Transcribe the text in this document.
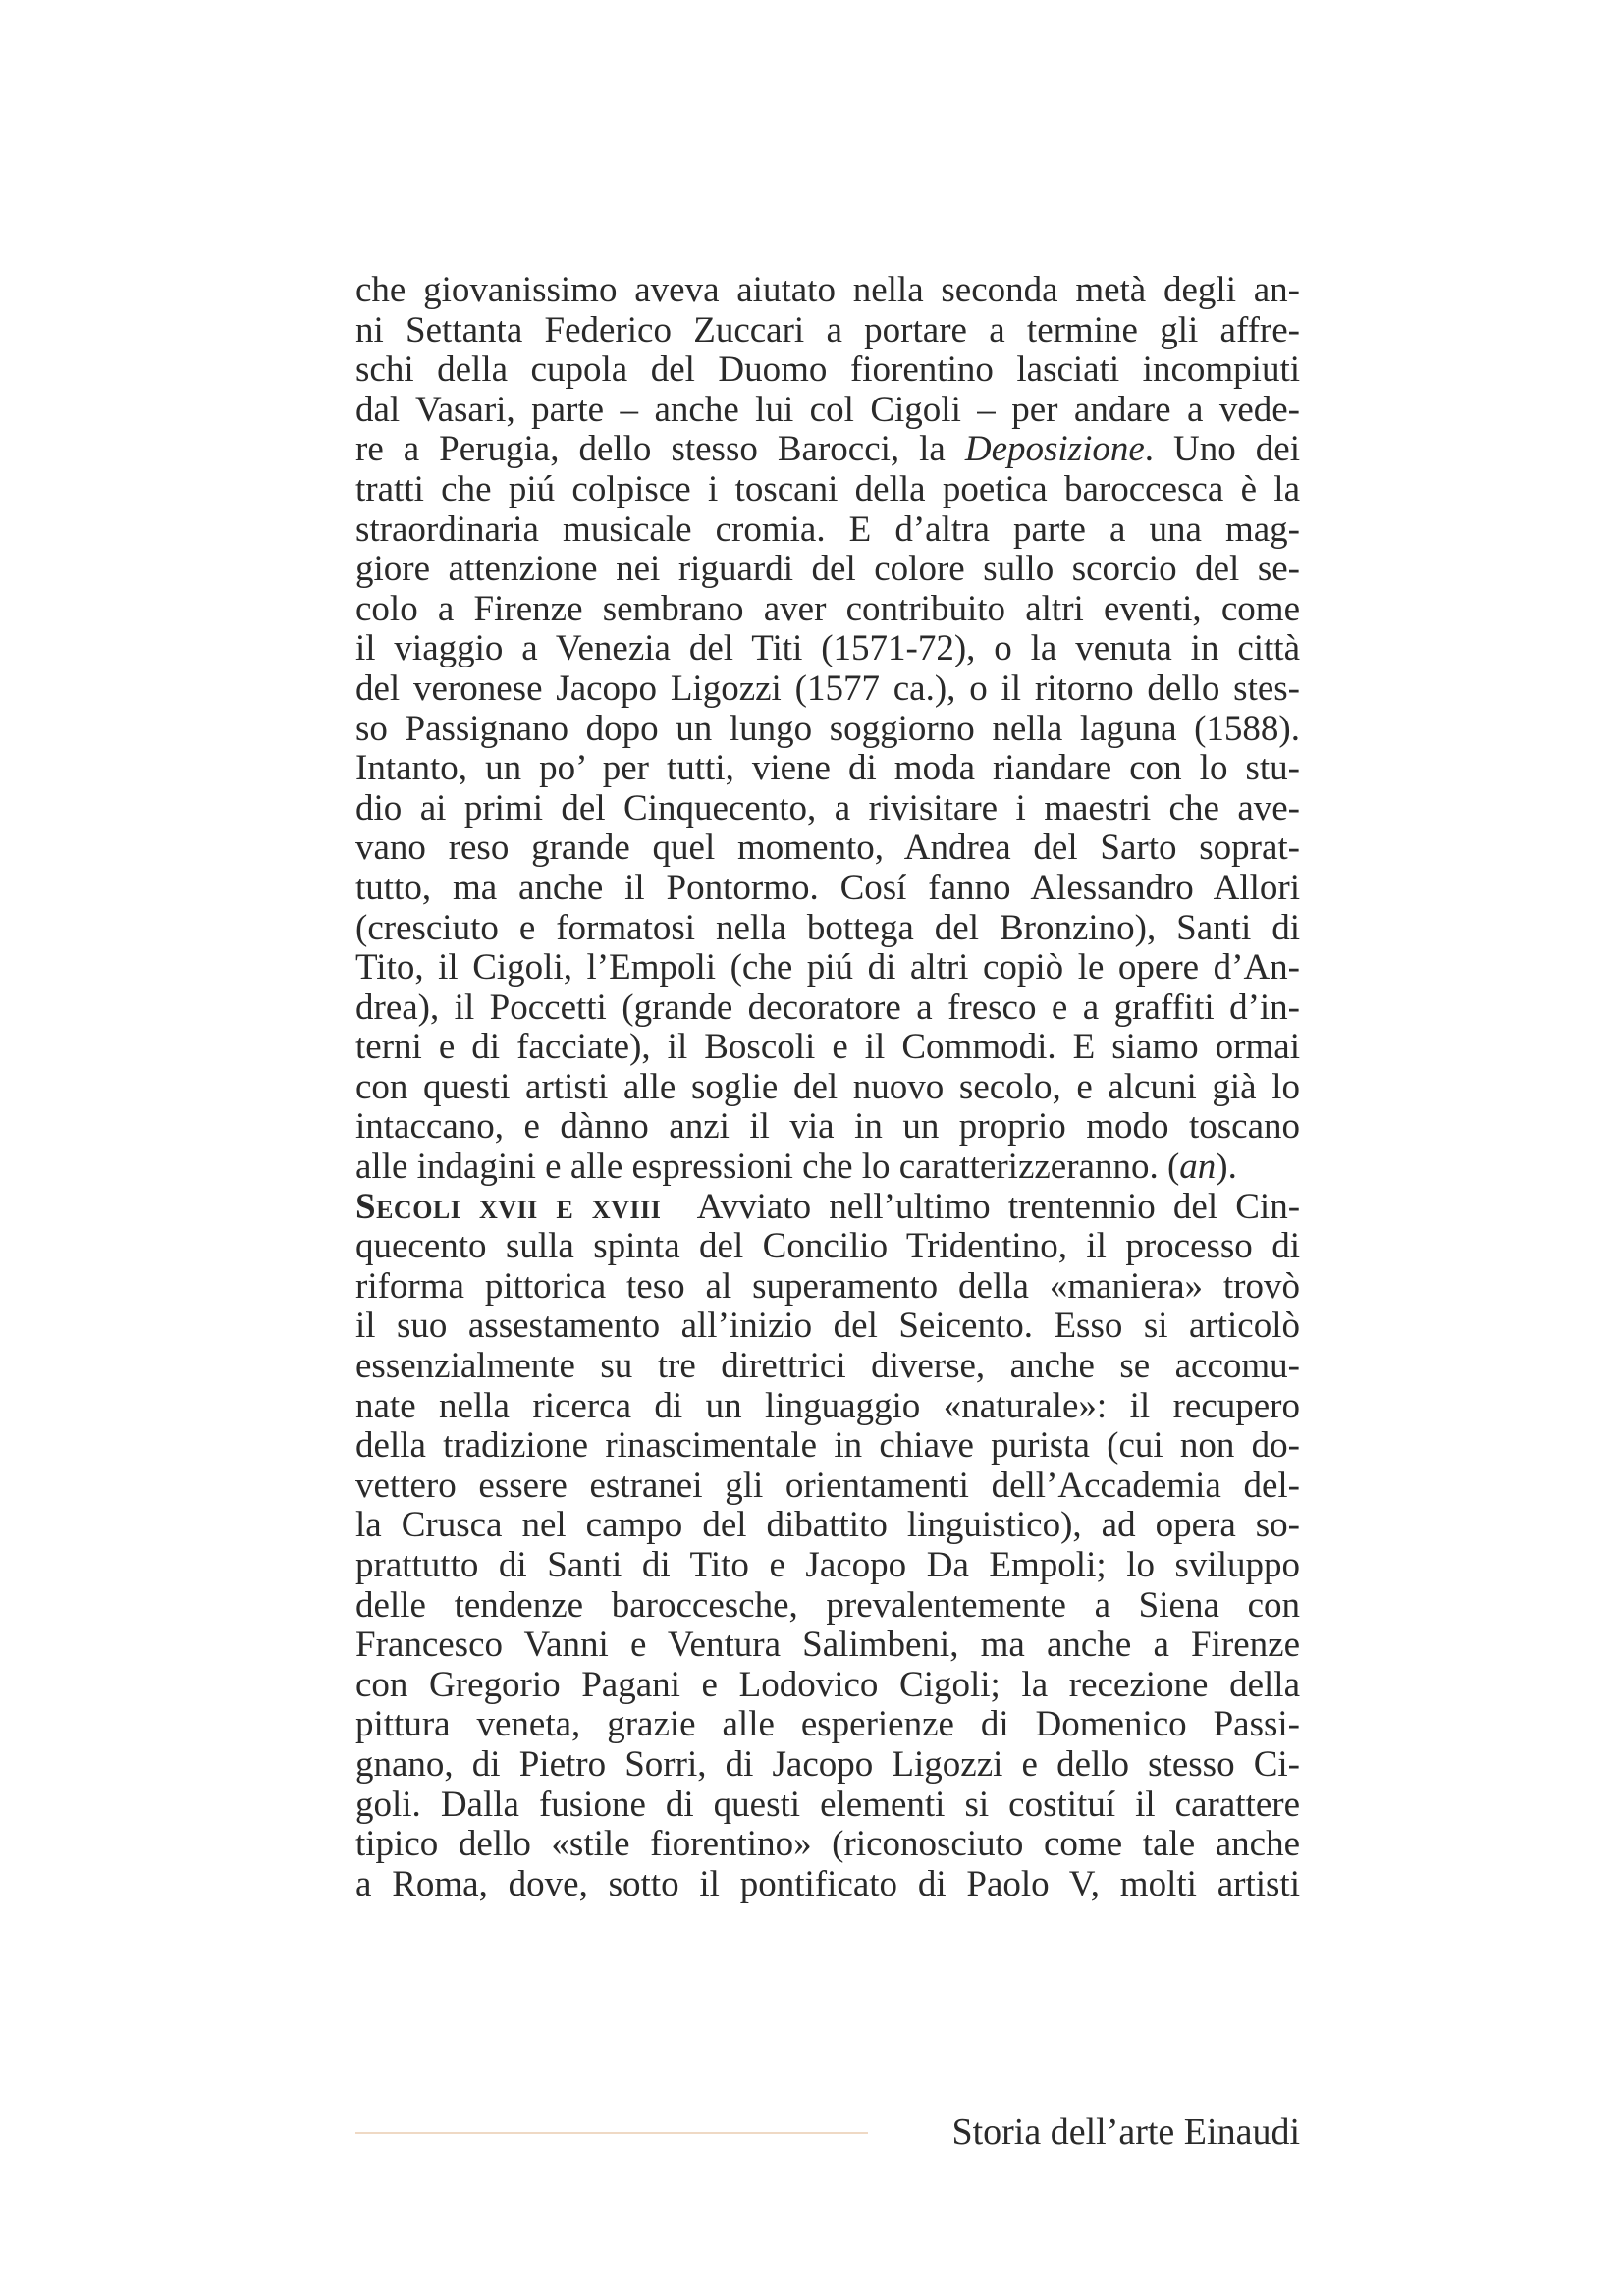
che giovanissimo aveva aiutato nella seconda metà degli an-
ni Settanta Federico Zuccari a portare a termine gli affre-
schi della cupola del Duomo fiorentino lasciati incompiuti
dal Vasari, parte – anche lui col Cigoli – per andare a vede-
re a Perugia, dello stesso Barocci, la Deposizione. Uno dei
tratti che piú colpisce i toscani della poetica baroccesca è la
straordinaria musicale cromia. E d’altra parte a una mag-
giore attenzione nei riguardi del colore sullo scorcio del se-
colo a Firenze sembrano aver contribuito altri eventi, come
il viaggio a Venezia del Titi (1571-72), o la venuta in città
del veronese Jacopo Ligozzi (1577 ca.), o il ritorno dello stes-
so Passignano dopo un lungo soggiorno nella laguna (1588).
Intanto, un po’ per tutti, viene di moda riandare con lo stu-
dio ai primi del Cinquecento, a rivisitare i maestri che ave-
vano reso grande quel momento, Andrea del Sarto soprat-
tutto, ma anche il Pontormo. Cosí fanno Alessandro Allori
(cresciuto e formatosi nella bottega del Bronzino), Santi di
Tito, il Cigoli, l’Empoli (che piú di altri copiò le opere d’An-
drea), il Poccetti (grande decoratore a fresco e a graffiti d’in-
terni e di facciate), il Boscoli e il Commodi. E siamo ormai
con questi artisti alle soglie del nuovo secolo, e alcuni già lo
intaccano, e dànno anzi il via in un proprio modo toscano
alle indagini e alle espressioni che lo caratterizzeranno. (an).
Secoli xvii e xviii Avviato nell’ultimo trentennio del Cin-
quecento sulla spinta del Concilio Tridentino, il processo di
riforma pittorica teso al superamento della «maniera» trovò
il suo assestamento all’inizio del Seicento. Esso si articolò
essenzialmente su tre direttrici diverse, anche se accomu-
nate nella ricerca di un linguaggio «naturale»: il recupero
della tradizione rinascimentale in chiave purista (cui non do-
vettero essere estranei gli orientamenti dell’Accademia del-
la Crusca nel campo del dibattito linguistico), ad opera so-
prattutto di Santi di Tito e Jacopo Da Empoli; lo sviluppo
delle tendenze baroccesche, prevalentemente a Siena con
Francesco Vanni e Ventura Salimbeni, ma anche a Firenze
con Gregorio Pagani e Lodovico Cigoli; la recezione della
pittura veneta, grazie alle esperienze di Domenico Passi-
gnano, di Pietro Sorri, di Jacopo Ligozzi e dello stesso Ci-
goli. Dalla fusione di questi elementi si costituí il carattere
tipico dello «stile fiorentino» (riconosciuto come tale anche
a Roma, dove, sotto il pontificato di Paolo V, molti artisti
Storia dell’arte Einaudi
